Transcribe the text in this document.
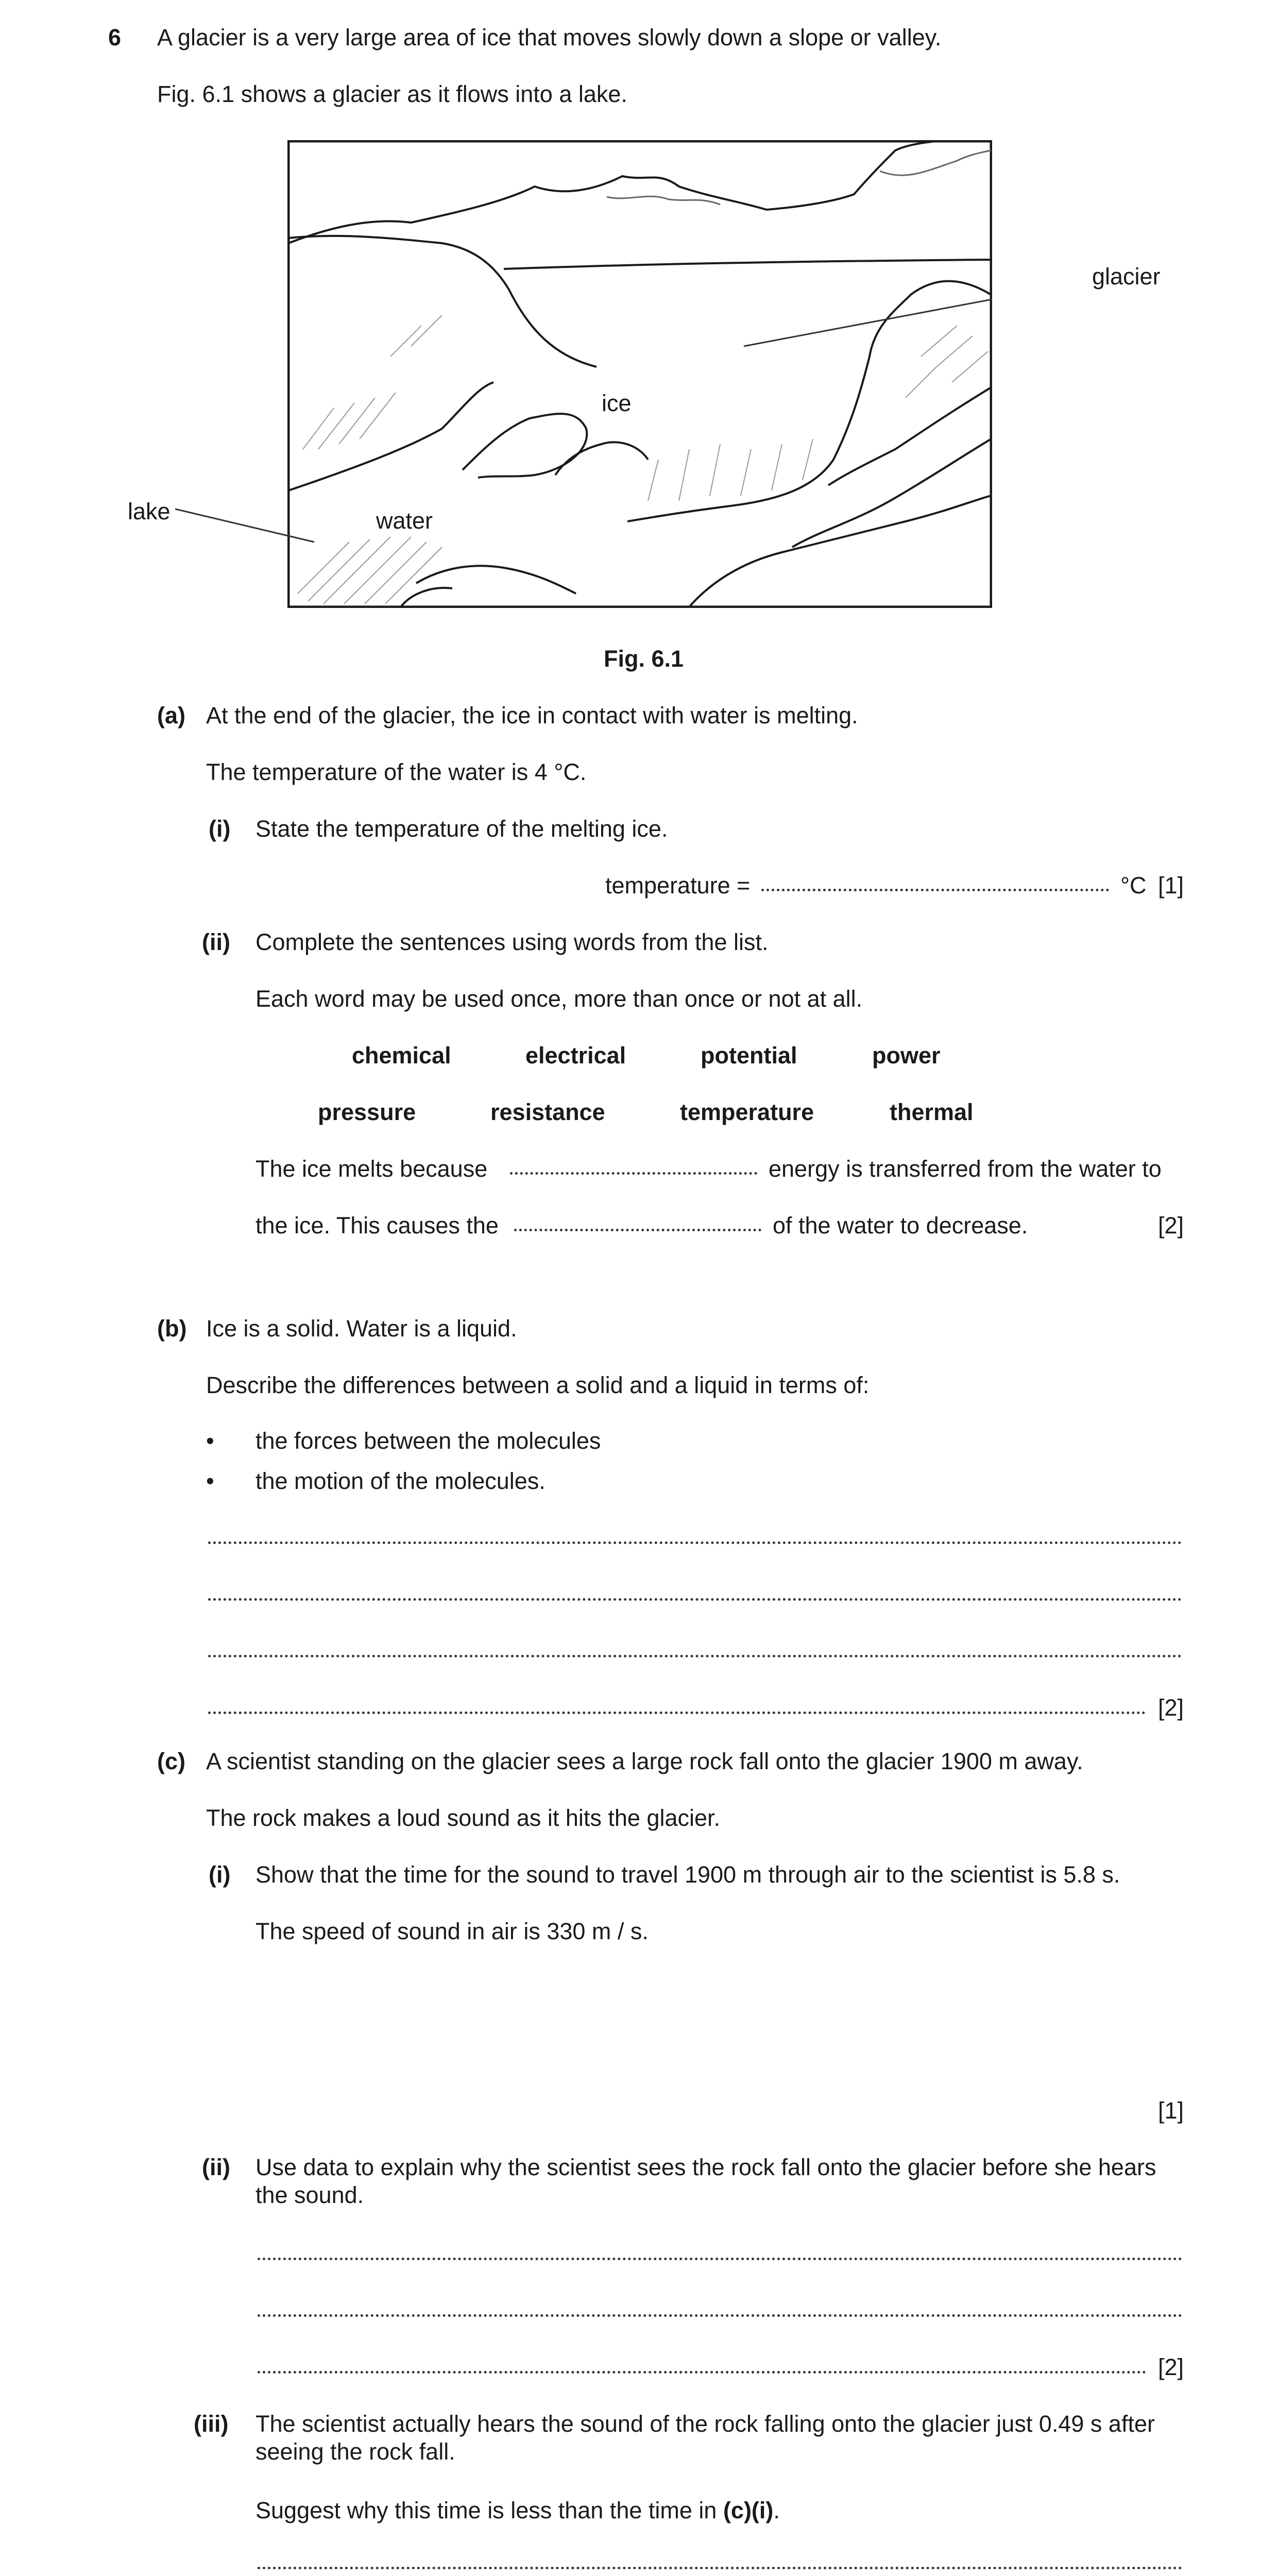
6 A glacier is a very large area of ice that moves slowly down a slope or valley.
Fig. 6.1 shows a glacier as it flows into a lake.
glacier
ice
water
lake
Fig. 6.1
(a) At the end of the glacier, the ice in contact with water is melting.
The temperature of the water is 4 °C.
(i) State the temperature of the melting ice.
temperature =	°C [1]
(ii) Complete the sentences using words from the list.
Each word may be used once, more than once or not at all.
chemical	electrical	potential	power
pressure	resistance	temperature	thermal
The ice melts because	energy is transferred from the water to
the ice. This causes the	of the water to decrease.	[2]
(b) Ice is a solid. Water is a liquid.
Describe the differences between a solid and a liquid in terms of:
• the forces between the molecules
• the motion of the molecules.
[2]
(c) A scientist standing on the glacier sees a large rock fall onto the glacier 1900 m away.
The rock makes a loud sound as it hits the glacier.
(i) Show that the time for the sound to travel 1900 m through air to the scientist is 5.8 s.
The speed of sound in air is 330 m / s.
[1]
(ii) Use data to explain why the scientist sees the rock fall onto the glacier before she hears the sound.
[2]
(iii) The scientist actually hears the sound of the rock falling onto the glacier just 0.49 s after seeing the rock fall.
Suggest why this time is less than the time in (c)(i).
